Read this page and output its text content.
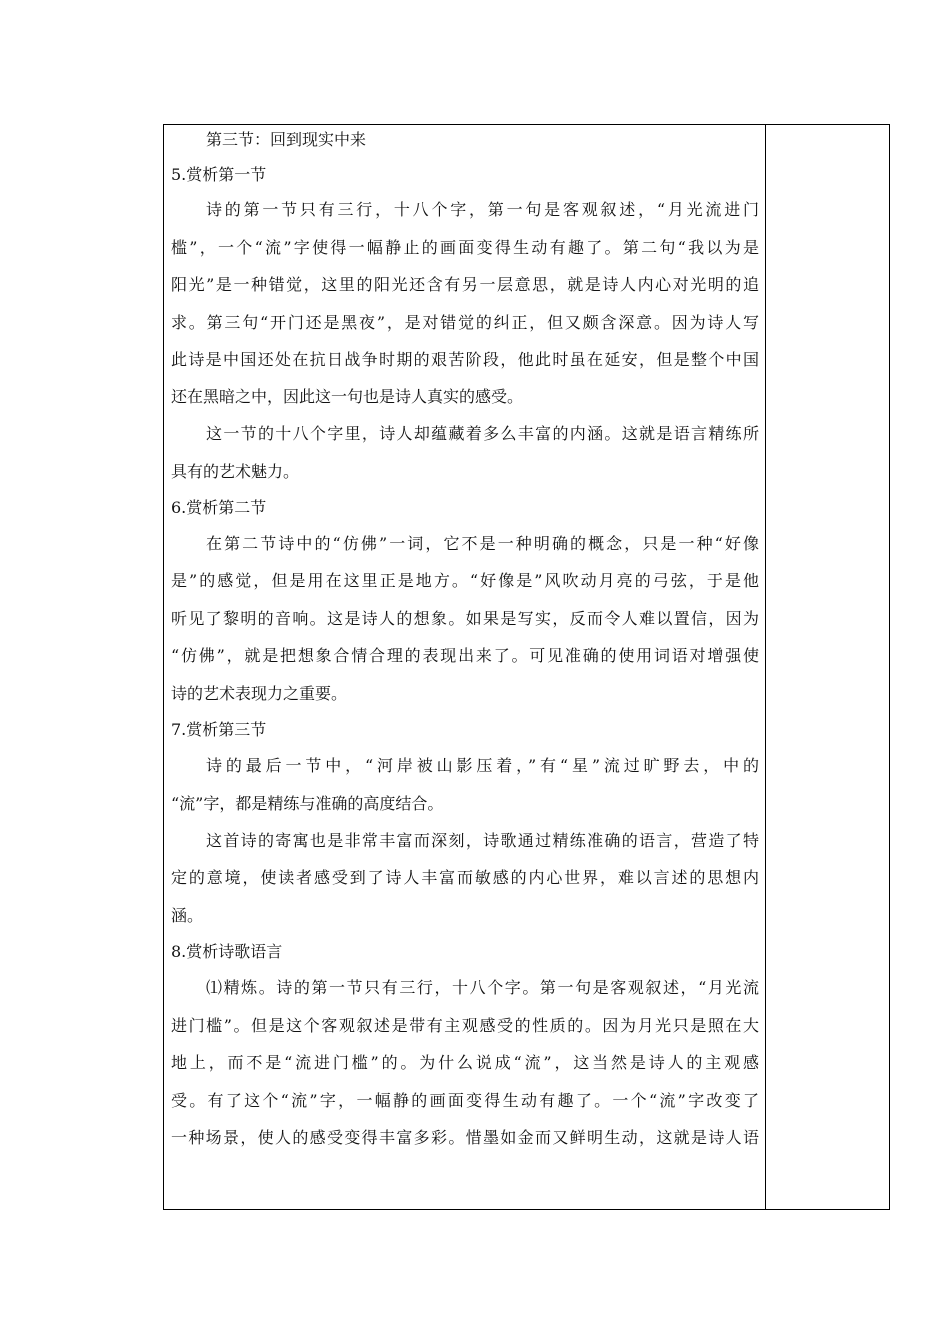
第三节：回到现实中来
5.赏析第一节
诗的第一节只有三行，十八个字，第一句是客观叙述，“月光流进门
槛”，一个“流”字使得一幅静止的画面变得生动有趣了。第二句“我以为是
阳光”是一种错觉，这里的阳光还含有另一层意思，就是诗人内心对光明的追
求。第三句“开门还是黑夜”，是对错觉的纠正，但又颇含深意。因为诗人写
此诗是中国还处在抗日战争时期的艰苦阶段，他此时虽在延安，但是整个中国
还在黑暗之中，因此这一句也是诗人真实的感受。
这一节的十八个字里，诗人却蕴藏着多么丰富的内涵。这就是语言精练所
具有的艺术魅力。
6.赏析第二节
在第二节诗中的“仿佛”一词，它不是一种明确的概念，只是一种“好像
是”的感觉，但是用在这里正是地方。“好像是”风吹动月亮的弓弦，于是他
听见了黎明的音响。这是诗人的想象。如果是写实，反而令人难以置信，因为
“仿佛”，就是把想象合情合理的表现出来了。可见准确的使用词语对增强使
诗的艺术表现力之重要。
7.赏析第三节
诗的最后一节中，“河岸被山影压着，”有“星”流过旷野去，中的
“流”字，都是精练与准确的高度结合。
这首诗的寄寓也是非常丰富而深刻，诗歌通过精练准确的语言，营造了特
定的意境，使读者感受到了诗人丰富而敏感的内心世界，难以言述的思想内
涵。
8.赏析诗歌语言
⑴精炼。诗的第一节只有三行，十八个字。第一句是客观叙述，“月光流
进门槛”。但是这个客观叙述是带有主观感受的性质的。因为月光只是照在大
地上，而不是“流进门槛”的。为什么说成“流”，这当然是诗人的主观感
受。有了这个“流”字，一幅静的画面变得生动有趣了。一个“流”字改变了
一种场景，使人的感受变得丰富多彩。惜墨如金而又鲜明生动，这就是诗人语
